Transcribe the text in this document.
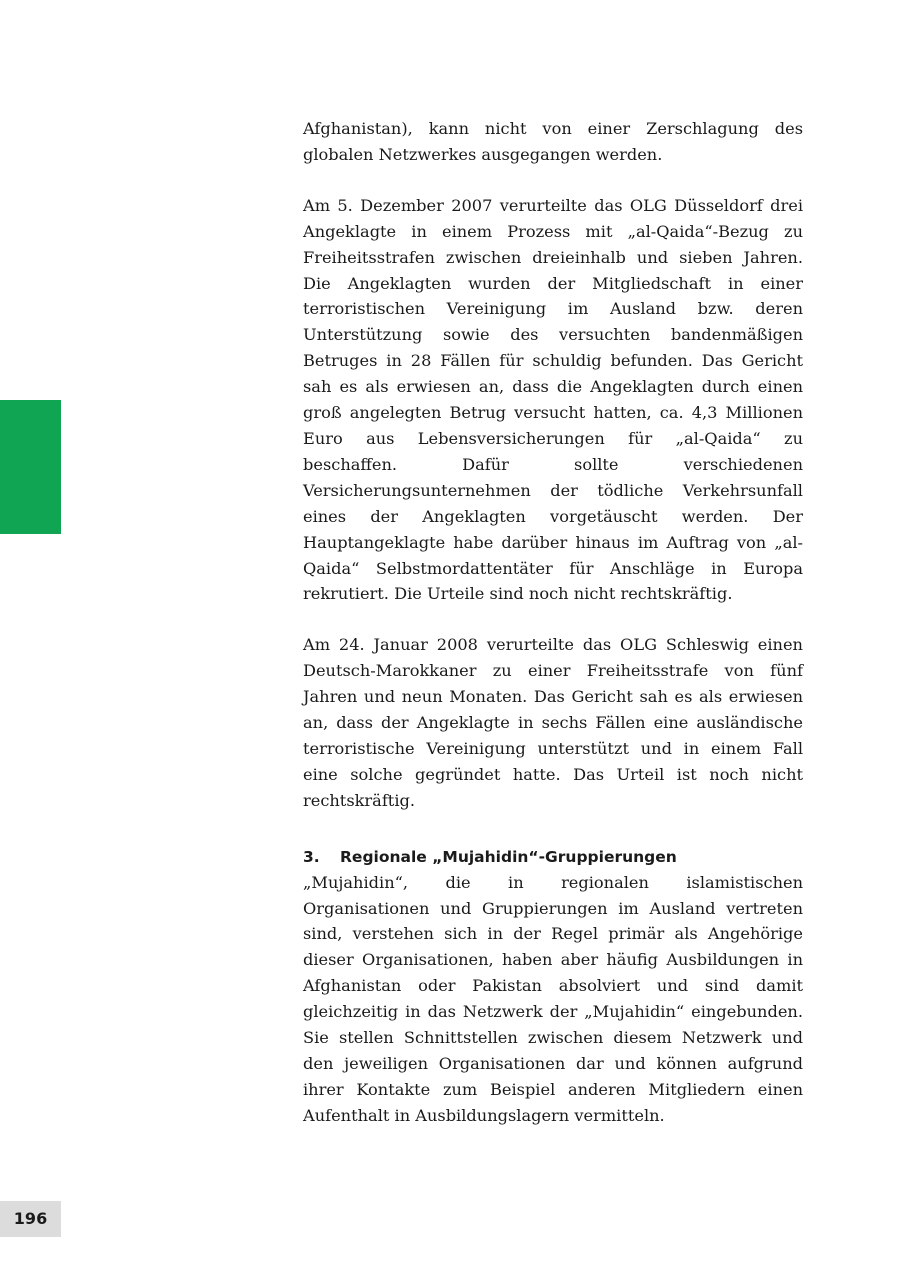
Afghanistan), kann nicht von einer Zerschlagung des globalen Netzwerkes ausgegangen werden.

Am 5. Dezember 2007 verurteilte das OLG Düsseldorf drei Angeklagte in einem Prozess mit „al-Qaida“-Bezug zu Freiheitsstrafen zwischen dreieinhalb und sieben Jahren. Die Angeklagten wurden der Mitgliedschaft in einer terroristischen Vereinigung im Ausland bzw. deren Unterstützung sowie des versuchten bandenmäßigen Betruges in 28 Fällen für schuldig befunden. Das Gericht sah es als erwiesen an, dass die Angeklagten durch einen groß angelegten Betrug versucht hatten, ca. 4,3 Millionen Euro aus Lebensversicherungen für „al-Qaida“ zu beschaffen. Dafür sollte verschiedenen Versicherungsunternehmen der tödliche Verkehrsunfall eines der Angeklagten vorgetäuscht werden. Der Hauptangeklagte habe darüber hinaus im Auftrag von „al-Qaida“ Selbstmordattentäter für Anschläge in Europa rekrutiert. Die Urteile sind noch nicht rechtskräftig.

Am 24. Januar 2008 verurteilte das OLG Schleswig einen Deutsch-Marokkaner zu einer Freiheitsstrafe von fünf Jahren und neun Monaten. Das Gericht sah es als erwiesen an, dass der Angeklagte in sechs Fällen eine ausländische terroristische Vereinigung unterstützt und in einem Fall eine solche gegründet hatte. Das Urteil ist noch nicht rechtskräftig.

3. Regionale „Mujahidin“-Gruppierungen

„Mujahidin“, die in regionalen islamistischen Organisationen und Gruppierungen im Ausland vertreten sind, verstehen sich in der Regel primär als Angehörige dieser Organisationen, haben aber häufig Ausbildungen in Afghanistan oder Pakistan absolviert und sind damit gleichzeitig in das Netzwerk der „Mujahidin“ eingebunden. Sie stellen Schnittstellen zwischen diesem Netzwerk und den jeweiligen Organisationen dar und können aufgrund ihrer Kontakte zum Beispiel anderen Mitgliedern einen Aufenthalt in Ausbildungslagern vermitteln.

196
